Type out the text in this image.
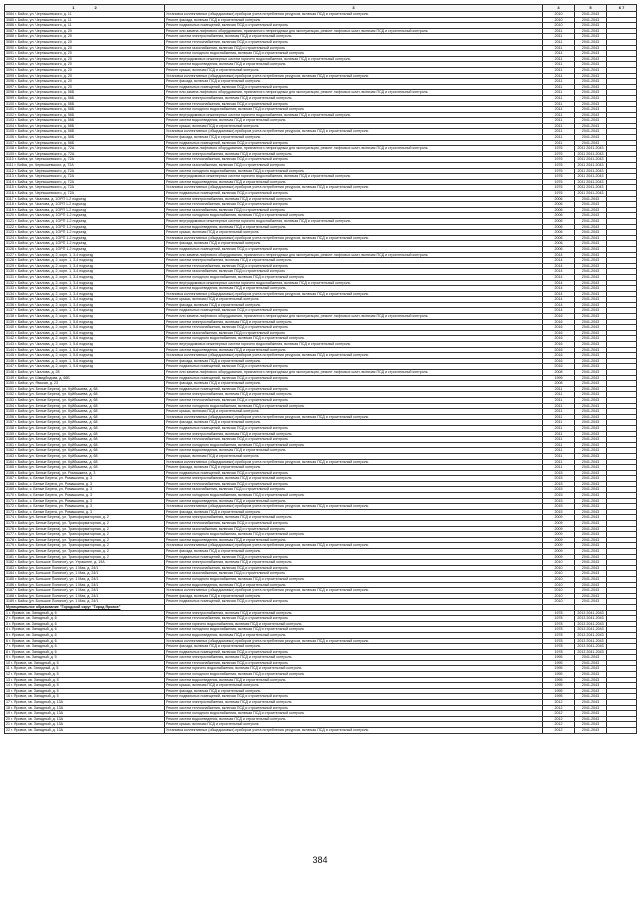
1 2	3	4	5	6 7
3084 г. Бийск, ул. Чернышевского, д. 11	Установка коллективных (общедомовых) приборов учета потребления ресурсов, включая ПСД и строительный контроль	2010	2041-2043	
3085 г. Бийск, ул. Чернышевского, д. 11	Ремонт фасада, включая ПСД и строительный контроль	2010	2041-2043	
3086 г. Бийск, ул. Чернышевского, д. 11	Ремонт подвальных помещений, включая ПСД и строительный контроль	2010	2041-2043	
3087 г. Бийск, ул. Чернышевского, д. 20	Ремонт или замена лифтового оборудования, признанного непригодным для эксплуатации, ремонт лифтовых шахт, включая ПСД и строительный контроль	2011	2041-2043	
3088 г. Бийск, ул. Чернышевского, д. 20	Ремонт систем электроснабжения, включая ПСД и строительный контроль	2011	2041-2043	
3089 г. Бийск, ул. Чернышевского, д. 20	Ремонт систем теплоснабжения, включая ПСД и строительный контроль	2011	2041-2043	
3090 г. Бийск, ул. Чернышевского, д. 20	Ремонт систем газоснабжения, включая ПСД и строительный контроль	2011	2041-2043	
3091 г. Бийск, ул. Чернышевского, д. 20	Ремонт систем холодного водоснабжения, включая ПСД и строительный контроль	2011	2041-2043	
3092 г. Бийск, ул. Чернышевского, д. 20	Ремонт внутридомовых инженерных систем горячего водоснабжения, включая ПСД и строительный контроль	2011	2041-2043	
3093 г. Бийск, ул. Чернышевского, д. 20	Ремонт систем водоотведения, включая ПСД и строительный контроль	2011	2041-2043	
3094 г. Бийск, ул. Чернышевского, д. 20	Ремонт крыши, включая ПСД и строительный контроль	2011	2041-2043	
3095 г. Бийск, ул. Чернышевского, д. 20	Установка коллективных (общедомовых) приборов учета потребления ресурсов, включая ПСД и строительный контроль	2011	2041-2043	
3096 г. Бийск, ул. Чернышевского, д. 20	Ремонт фасада, включая ПСД и строительный контроль	2011	2041-2043	
3097 г. Бийск, ул. Чернышевского, д. 20	Ремонт подвальных помещений, включая ПСД и строительный контроль	2011	2041-2043	
3098 г. Бийск, ул. Чернышевского, д. 56Б	Ремонт или замена лифтового оборудования, признанного непригодным для эксплуатации, ремонт лифтовых шахт, включая ПСД и строительный контроль	2011	2041-2043	
3099 г. Бийск, ул. Чернышевского, д. 56Б	Ремонт систем электроснабжения, включая ПСД и строительный контроль	2011	2041-2043	
3100 г. Бийск, ул. Чернышевского, д. 56Б	Ремонт систем теплоснабжения, включая ПСД и строительный контроль	2011	2041-2043	
3101 г. Бийск, ул. Чернышевского, д. 56Б	Ремонт систем холодного водоснабжения, включая ПСД и строительный контроль	2011	2041-2043	
3102 г. Бийск, ул. Чернышевского, д. 56Б	Ремонт внутридомовых инженерных систем горячего водоснабжения, включая ПСД и строительный контроль	2011	2041-2043	
3103 г. Бийск, ул. Чернышевского, д. 56Б	Ремонт систем водоотведения, включая ПСД и строительный контроль	2011	2041-2043	
3104 г. Бийск, ул. Чернышевского, д. 56Б	Ремонт крыши, включая ПСД и строительный контроль	2011	2041-2043	
3105 г. Бийск, ул. Чернышевского, д. 56Б	Установка коллективных (общедомовых) приборов учета потребления ресурсов, включая ПСД и строительный контроль	2011	2041-2043	
3106 г. Бийск, ул. Чернышевского, д. 56Б	Ремонт фасада, включая ПСД и строительный контроль	2011	2041-2043	
3107 г. Бийск, ул. Чернышевского, д. 56Б	Ремонт подвальных помещений, включая ПСД и строительный контроль	2011	2041-2043	
3108 г. Бийск, ул. Чернышевского, д. 72А	Ремонт или замена лифтового оборудования, признанного непригодным для эксплуатации, ремонт лифтовых шахт, включая ПСД и строительный контроль	1976	2011 2041-2043	
3109 г. Бийск, ул. Чернышевского, д. 72А	Ремонт систем электроснабжения, включая ПСД и строительный контроль	1976	2011 2041-2043	
3110 г. Бийск, ул. Чернышевского, д. 72А	Ремонт систем теплоснабжения, включая ПСД и строительный контроль	1976	2011 2041-2043	
3111 г. Бийск, ул. Чернышевского, д. 72А	Ремонт систем газоснабжения, включая ПСД и строительный контроль	1976	2011 2041-2043	
3112 г. Бийск, ул. Чернышевского, д. 72А	Ремонт систем холодного водоснабжения, включая ПСД и строительный контроль	1976	2011 2041-2043	
3113 г. Бийск, ул. Чернышевского, д. 72А	Ремонт внутридомовых инженерных систем горячего водоснабжения, включая ПСД и строительный контроль	1976	2011 2041-2043	
3114 г. Бийск, ул. Чернышевского, д. 72А	Ремонт систем водоотведения, включая ПСД и строительный контроль	1976	2011 2041-2043	
3115 г. Бийск, ул. Чернышевского, д. 72А	Установка коллективных (общедомовых) приборов учета потребления ресурсов, включая ПСД и строительный контроль	1976	2011 2041-2043	
3116 г. Бийск, ул. Чернышевского, д. 72А	Ремонт подвальных помещений, включая ПСД и строительный контроль	1976	2011 2041-2043	
3117 г. Бийск, ул. Чкалова, д. 1ОРП 1-2 подъезд	Ремонт систем электроснабжения, включая ПСД и строительный контроль	2006	2041-2043	
3118 г. Бийск, ул. Чкалова, д. 1ОРП 1-2 подъезд	Ремонт систем теплоснабжения, включая ПСД и строительный контроль	2006	2041-2043	
3119 г. Бийск, ул. Чкалова, д. 1ОРП 1-2 подъезд	Ремонт систем газоснабжения, включая ПСД и строительный контроль	2006	2041-2043	
3120 г. Бийск, ул. Чкалова, д. 1ОРП 1-2 подъезд	Ремонт систем холодного водоснабжения, включая ПСД и строительный контроль	2006	2041-2043	
3121 г. Бийск, ул. Чкалова, д. 1ОРП 1-2 подъезд	Ремонт внутридомовых инженерных систем горячего водоснабжения, включая ПСД и строительный контроль	2006	2041-2043	
3122 г. Бийск, ул. Чкалова, д. 1ОРП 1-2 подъезд	Ремонт систем водоотведения, включая ПСД и строительный контроль	2006	2041-2043	
3123 г. Бийск, ул. Чкалова, д. 1ОРП 1-2 подъезд	Ремонт крыши, включая ПСД и строительный контроль	2006	2041-2043	
3124 г. Бийск, ул. Чкалова, д. 1ОРП 1-2 подъезд	Установка коллективных (общедомовых) приборов учета потребления ресурсов, включая ПСД и строительный контроль	2006	2041-2043	
3125 г. Бийск, ул. Чкалова, д. 1ОРП 1-2 подъезд	Ремонт фасада, включая ПСД и строительный контроль	2006	2041-2043	
3126 г. Бийск, ул. Чкалова, д. 1ОРП 1-2 подъезд	Ремонт подвальных помещений, включая ПСД и строительный контроль	2006	2041-2043	
3127 г. Бийск, ул. Чкалова, д. 2, корп. 1, 3-4 подъезд	Ремонт или замена лифтового оборудования, признанного непригодным для эксплуатации, ремонт лифтовых шахт, включая ПСД и строительный контроль	2014	2041-2043	
3128 г. Бийск, ул. Чкалова, д. 2, корп. 1, 3-4 подъезд	Ремонт систем электроснабжения, включая ПСД и строительный контроль	2014	2041-2043	
3129 г. Бийск, ул. Чкалова, д. 2, корп. 1, 3-4 подъезд	Ремонт систем теплоснабжения, включая ПСД и строительный контроль	2014	2041-2043	
3130 г. Бийск, ул. Чкалова, д. 2, корп. 1, 3-4 подъезд	Ремонт систем газоснабжения, включая ПСД и строительный контроль	2014	2041-2043	
3131 г. Бийск, ул. Чкалова, д. 2, корп. 1, 3-4 подъезд	Ремонт систем холодного водоснабжения, включая ПСД и строительный контроль	2014	2041-2043	
3132 г. Бийск, ул. Чкалова, д. 2, корп. 1, 3-4 подъезд	Ремонт внутридомовых инженерных систем горячего водоснабжения, включая ПСД и строительный контроль	2014	2041-2043	
3133 г. Бийск, ул. Чкалова, д. 2, корп. 1, 3-4 подъезд	Ремонт систем водоотведения, включая ПСД и строительный контроль	2014	2041-2043	
3134 г. Бийск, ул. Чкалова, д. 2, корп. 1, 3-4 подъезд	Установка коллективных (общедомовых) приборов учета потребления ресурсов, включая ПСД и строительный контроль	2014	2041-2043	
3135 г. Бийск, ул. Чкалова, д. 2, корп. 1, 3-4 подъезд	Ремонт крыши, включая ПСД и строительный контроль	2014	2041-2043	
3136 г. Бийск, ул. Чкалова, д. 2, корп. 1, 3-4 подъезд	Ремонт фасада, включая ПСД и строительный контроль	2014	2041-2043	
3137 г. Бийск, ул. Чкалова, д. 2, корп. 1, 3-4 подъезд	Ремонт подвальных помещений, включая ПСД и строительный контроль	2014	2041-2043	
3138 г. Бийск, ул. Чкалова, д. 2, корп. 1, 5-6 подъезд	Ремонт или замена лифтового оборудования, признанного непригодным для эксплуатации, ремонт лифтовых шахт, включая ПСД и строительный контроль	2016	2041-2043	
3139 г. Бийск, ул. Чкалова, д. 2, корп. 1, 5-6 подъезд	Ремонт систем электроснабжения, включая ПСД и строительный контроль	2016	2041-2043	
3140 г. Бийск, ул. Чкалова, д. 2, корп. 1, 5-6 подъезд	Ремонт систем теплоснабжения, включая ПСД и строительный контроль	2016	2041-2043	
3141 г. Бийск, ул. Чкалова, д. 2, корп. 1, 5-6 подъезд	Ремонт систем газоснабжения, включая ПСД и строительный контроль	2016	2041-2043	
3142 г. Бийск, ул. Чкалова, д. 2, корп. 1, 5-6 подъезд	Ремонт систем холодного водоснабжения, включая ПСД и строительный контроль	2016	2041-2043	
3143 г. Бийск, ул. Чкалова, д. 2, корп. 1, 5-6 подъезд	Ремонт внутридомовых инженерных систем горячего водоснабжения, включая ПСД и строительный контроль	2016	2041-2043	
3144 г. Бийск, ул. Чкалова, д. 2, корп. 1, 5-6 подъезд	Ремонт систем водоотведения, включая ПСД и строительный контроль	2016	2041-2043	
3145 г. Бийск, ул. Чкалова, д. 2, корп. 1, 5-6 подъезд	Установка коллективных (общедомовых) приборов учета потребления ресурсов, включая ПСД и строительный контроль	2016	2041-2043	
3146 г. Бийск, ул. Чкалова, д. 2, корп. 1, 5-6 подъезд	Ремонт фасада, включая ПСД и строительный контроль	2016	2041-2043	
3147 г. Бийск, ул. Чкалова, д. 2, корп. 1, 5-6 подъезд	Ремонт подвальных помещений, включая ПСД и строительный контроль	2016	2041-2043	
3148 г. Бийск, ул. Чкалова, д. 28	Ремонт или замена лифтового оборудования, признанного непригодным для эксплуатации, ремонт лифтовых шахт, включая ПСД и строительный контроль	2008	2041-2043	
3149 г. Бийск, ул. Шмидбидова, д. 66Б	Ремонт подвальных помещений, включая ПСД и строительный контроль	1999	2041-2043	
3150 г. Бийск, ул. Ямская, д. 23	Ремонт фасада, включая ПСД и строительный контроль	2008	2041-2043	
3151 г. Бийск (ул. Белые Берега), ул. Куйбышева, д. 68	Ремонт подвальных помещений, включая ПСД и строительный контроль	2011	2041-2043	
3152 г. Бийск (ул. Белые Берега), ул. Куйбышева, д. 68	Ремонт систем электроснабжения, включая ПСД и строительный контроль	2011	2041-2043	
3153 г. Бийск (ул. Белые Берега), ул. Куйбышева, д. 68	Ремонт систем теплоснабжения, включая ПСД и строительный контроль	2011	2041-2043	
3154 г. Бийск (ул. Белые Берега), ул. Куйбышева, д. 68	Ремонт систем холодного водоснабжения, включая ПСД и строительный контроль	2011	2041-2043	
3155 г. Бийск (ул. Белые Берега), ул. Куйбышева, д. 68	Ремонт крыши, включая ПСД и строительный контроль	2011	2041-2043	
3156 г. Бийск (ул. Белые Берега), ул. Куйбышева, д. 68	Установка коллективных (общедомовых) приборов учета потребления ресурсов, включая ПСД и строительный контроль	2011	2041-2043	
3157 г. Бийск (ул. Белые Берега), ул. Куйбышева, д. 68	Ремонт фасада, включая ПСД и строительный контроль	2011	2041-2043	
3158 г. Бийск (ул. Белые Берега), ул. Куйбышева, д. 68	Ремонт подвальных помещений, включая ПСД и строительный контроль	2011	2041-2043	
3159 г. Бийск (ул. Белые Берега), ул. Куйбышева, д. 68	Ремонт систем электроснабжения, включая ПСД и строительный контроль	2011	2041-2043	
3160 г. Бийск (ул. Белые Берега), ул. Куйбышева, д. 68	Ремонт систем теплоснабжения, включая ПСД и строительный контроль	2011	2041-2043	
3161 г. Бийск (ул. Белые Берега), ул. Куйбышева, д. 68	Ремонт систем холодного водоснабжения, включая ПСД и строительный контроль	2011	2041-2043	
3162 г. Бийск (ул. Белые Берега), ул. Куйбышева, д. 68	Ремонт систем водоотведения, включая ПСД и строительный контроль	2011	2041-2043	
3163 г. Бийск (ул. Белые Берега), ул. Куйбышева, д. 68	Ремонт крыши, включая ПСД и строительный контроль	2011	2041-2043	
3164 г. Бийск (ул. Белые Берега), ул. Куйбышева, д. 68	Установка коллективных (общедомовых) приборов учета потребления ресурсов, включая ПСД и строительный контроль	2011	2041-2043	
3165 г. Бийск (ул. Белые Берега), ул. Куйбышева, д. 68	Ремонт фасада, включая ПСД и строительный контроль	2011	2041-2043	
3166 г. Бийск (ул. Белые Берега), ул. Ромашкина, д. 3	Ремонт подвальных помещений, включая ПСД и строительный контроль	2015	2041-2043	
3167 г. Бийск, с. Белые Берега, ул. Ромашкина, д. 3	Ремонт систем электроснабжения, включая ПСД и строительный контроль	2015	2041-2043	
3168 г. Бийск, с. Белые Берега, ул. Ромашкина, д. 3	Ремонт систем теплоснабжения, включая ПСД и строительный контроль	2015	2041-2043	
3169 г. Бийск, с. Белые Берега, ул. Ромашкина, д. 3	Ремонт систем газоснабжения, включая ПСД и строительный контроль	2015	2041-2043	
3170 г. Бийск, с. Белые Берега, ул. Ромашкина, д. 3	Ремонт систем холодного водоснабжения, включая ПСД и строительный контроль	2015	2041-2043	
3171 г. Бийск, с. Белые Берега, ул. Ромашкина, д. 3	Ремонт систем водоотведения, включая ПСД и строительный контроль	2015	2041-2043	
3172 г. Бийск, с. Белые Берега, ул. Ромашкина, д. 3	Установка коллективных (общедомовых) приборов учета потребления ресурсов, включая ПСД и строительный контроль	2015	2041-2043	
3173 г. Бийск, с. Белые Берега, ул. Ромашкина, д. 3	Ремонт фасада, включая ПСД и строительный контроль	2015	2041-2043	
3174 г. Бийск (ул. Белые Берега), ул. Трансформаторная, д. 2	Ремонт систем электроснабжения, включая ПСД и строительный контроль	2009	2041-2043	
3175 г. Бийск (ул. Белые Берега), ул. Трансформаторная, д. 2	Ремонт систем теплоснабжения, включая ПСД и строительный контроль	2009	2041-2043	
3176 г. Бийск (ул. Белые Берега), ул. Трансформаторная, д. 2	Ремонт систем газоснабжения, включая ПСД и строительный контроль	2009	2041-2043	
3177 г. Бийск (ул. Белые Берега), ул. Трансформаторная, д. 2	Ремонт систем холодного водоснабжения, включая ПСД и строительный контроль	2009	2041-2043	
3178 г. Бийск (ул. Белые Берега), ул. Трансформаторная, д. 2	Ремонт систем водоотведения, включая ПСД и строительный контроль	2009	2041-2043	
3179 г. Бийск (ул. Белые Берега), ул. Трансформаторная, д. 2	Установка коллективных (общедомовых) приборов учета потребления ресурсов, включая ПСД и строительный контроль	2009	2041-2043	
3180 г. Бийск (ул. Белые Берега), ул. Трансформаторная, д. 2	Ремонт фасада, включая ПСД и строительный контроль	2009	2041-2043	
3181 г. Бийск (ул. Белые Берега), ул. Трансформаторная, д. 2	Ремонт подвальных помещений, включая ПСД и строительный контроль	2009	2041-2043	
3182 г. Бийск (ул. Большое Полиное), ул. Утрашнее, д. 19А	Ремонт систем электроснабжения, включая ПСД и строительный контроль	2010	2041-2043	
3183 г. Бийск (ул. Большое Полиное), ул. 1 Мая, д. 24/1	Ремонт систем теплоснабжения, включая ПСД и строительный контроль	2010	2041-2043	
3184 г. Бийск (ул. Большое Полиное), ул. 1 Мая, д. 24/1	Ремонт систем газоснабжения, включая ПСД и строительный контроль	2010	2041-2043	
3185 г. Бийск (ул. Большое Полиное), ул. 1 Мая, д. 24/1	Ремонт систем холодного водоснабжения, включая ПСД и строительный контроль	2010	2041-2043	
3186 г. Бийск (ул. Большое Полиное), ул. 1 Мая, д. 24/1	Ремонт систем водоотведения, включая ПСД и строительный контроль	2010	2041-2043	
3187 г. Бийск (ул. Большое Полиное), ул. 1 Мая, д. 24/1	Установка коллективных (общедомовых) приборов учета потребления ресурсов, включая ПСД и строительный контроль	2010	2041-2043	
3188 г. Бийск (ул. Большое Полиное), ул. 1 Мая, д. 24/1	Ремонт фасада, включая ПСД и строительный контроль	2010	2041-2043	
3189 г. Бийск (ул. Большое Полиное), ул. 1 Мая, д. 24/1	Ремонт подвальных помещений, включая ПСД и строительный контроль	2010	2041-2043	
Муниципальное образование "Городской округ "Город Яровое"				
1 г. Яровое, кв. Западный, д. 6	Ремонт систем электроснабжения, включая ПСД и строительный контроль	1978	2013 2041-2043	
2 г. Яровое, кв. Западный, д. 6	Ремонт систем теплоснабжения, включая ПСД и строительный контроль	1978	2013 2041-2043	
3 г. Яровое, кв. Западный, д. 6	Ремонт систем горячего водоснабжения, включая ПСД и строительный контроль	1978	2013 2041-2043	
4 г. Яровое, кв. Западный, д. 6	Ремонт систем холодного водоснабжения, включая ПСД и строительный контроль	1978	2013 2041-2043	
5 г. Яровое, кв. Западный, д. 6	Ремонт систем водоотведения, включая ПСД и строительный контроль	1978	2013 2041-2043	
6 г. Яровое, кв. Западный, д. 6	Установка коллективных (общедомовых) приборов учета потребления ресурсов, включая ПСД и строительный контроль	1978	2013 2041-2043	
7 г. Яровое, кв. Западный, д. 6	Ремонт фасада, включая ПСД и строительный контроль	1978	2013 2041-2043	
8 г. Яровое, кв. Западный, д. 6	Ремонт подвальных помещений, включая ПСД и строительный контроль	1978	2013 2041-2043	
9 г. Яровое, кв. Западный, д. 5	Ремонт систем электроснабжения, включая ПСД и строительный контроль	1995	2041-2043	
10 г. Яровое, кв. Западный, д. 5	Ремонт систем теплоснабжения, включая ПСД и строительный контроль	1995	2041-2043	
11 г. Яровое, кв. Западный, д. 5	Ремонт систем горячего водоснабжения, включая ПСД и строительный контроль	1995	2041-2043	
12 г. Яровое, кв. Западный, д. 5	Ремонт систем холодного водоснабжения, включая ПСД и строительный контроль	1995	2041-2043	
13 г. Яровое, кв. Западный, д. 5	Ремонт систем водоотведения, включая ПСД и строительный контроль	1995	2041-2043	
14 г. Яровое, кв. Западный, д. 5	Ремонт крыши, включая ПСД и строительный контроль	1995	2041-2043	
15 г. Яровое, кв. Западный, д. 5	Ремонт фасада, включая ПСД и строительный контроль	1995	2041-2043	
16 г. Яровое, кв. Западный, д. 5	Ремонт подвальных помещений, включая ПСД и строительный контроль	1995	2041-2043	
17 г. Яровое, кв. Западный, д. 13А	Ремонт систем электроснабжения, включая ПСД и строительный контроль	2012	2041-2043	
18 г. Яровое, кв. Западный, д. 13А	Ремонт систем теплоснабжения, включая ПСД и строительный контроль	2012	2041-2043	
19 г. Яровое, кв. Западный, д. 13А	Ремонт систем холодного водоснабжения, включая ПСД и строительный контроль	2012	2041-2043	
20 г. Яровое, кв. Западный, д. 13А	Ремонт систем водоотведения, включая ПСД и строительный контроль	2012	2041-2043	
21 г. Яровое, кв. Западный, д. 13А	Ремонт крыши, включая ПСД и строительный контроль	2012	2041-2043	
22 г. Яровое, кв. Западный, д. 13А	Установка коллективных (общедомовых) приборов учета потребления ресурсов, включая ПСД и строительный контроль	2012	2041-2043	
384
